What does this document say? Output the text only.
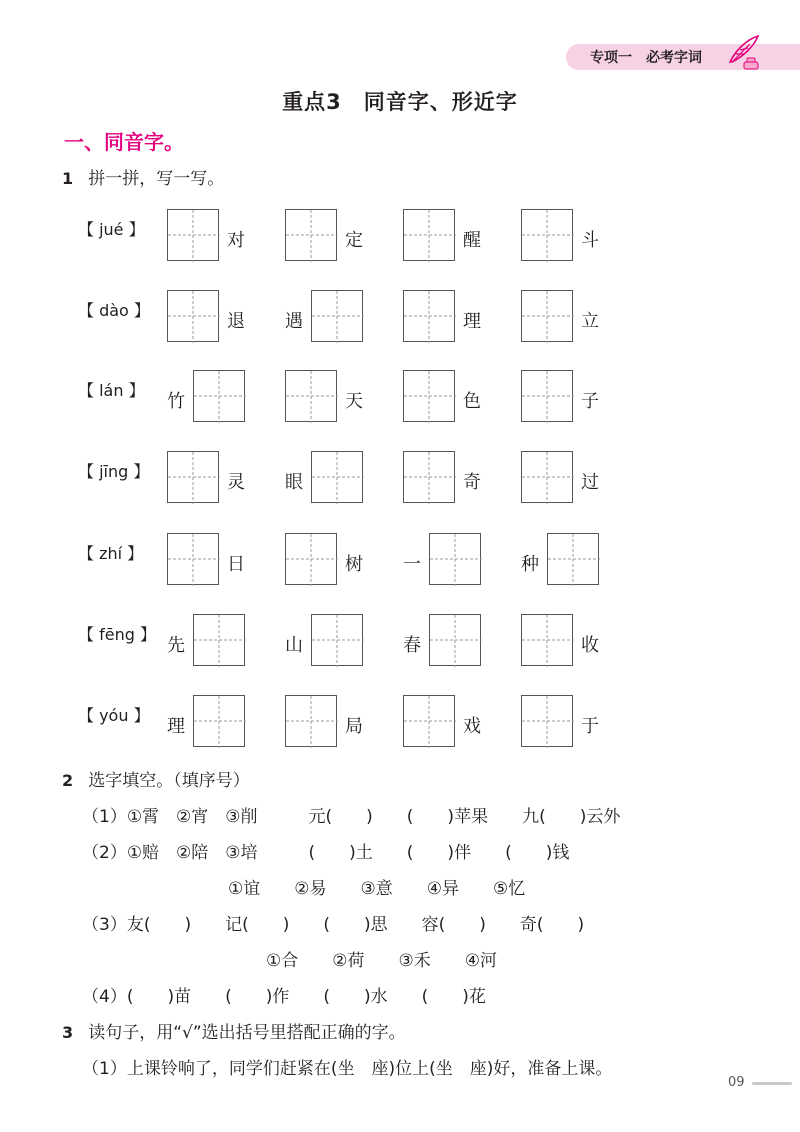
专项一　必考字词
重点3　同音字、形近字
一、同音字。
1 拼一拼，写一写。
【 jué 】
对	定	醒	斗
【 dào 】
退 遇	理	立
【 lán 】
竹	天	色	子
【 jīng 】
灵 眼	奇	过
【 zhí 】
日	树 一	种
【 fēng 】
先	山	春	收
【 yóu 】
理	局	戏	于
2 选字填空。（填序号）
（1）①霄　②宵　③削　　　元(　　)　　(　　)苹果　　九(　　)云外
（2）①赔　②陪　③培　　　(　　)土　　(　　)伴　　(　　)钱
①谊　　②易　　③意　　④异　　⑤忆
（3）友(　　)　　记(　　)　　(　　)思　　容(　　)　　奇(　　)
①合　　②荷　　③禾　　④河
（4）(　　)苗　　(　　)作　　(　　)水　　(　　)花
3 读句子，用“√”选出括号里搭配正确的字。
（1）上课铃响了，同学们赶紧在(坐　座)位上(坐　座)好，准备上课。
09
